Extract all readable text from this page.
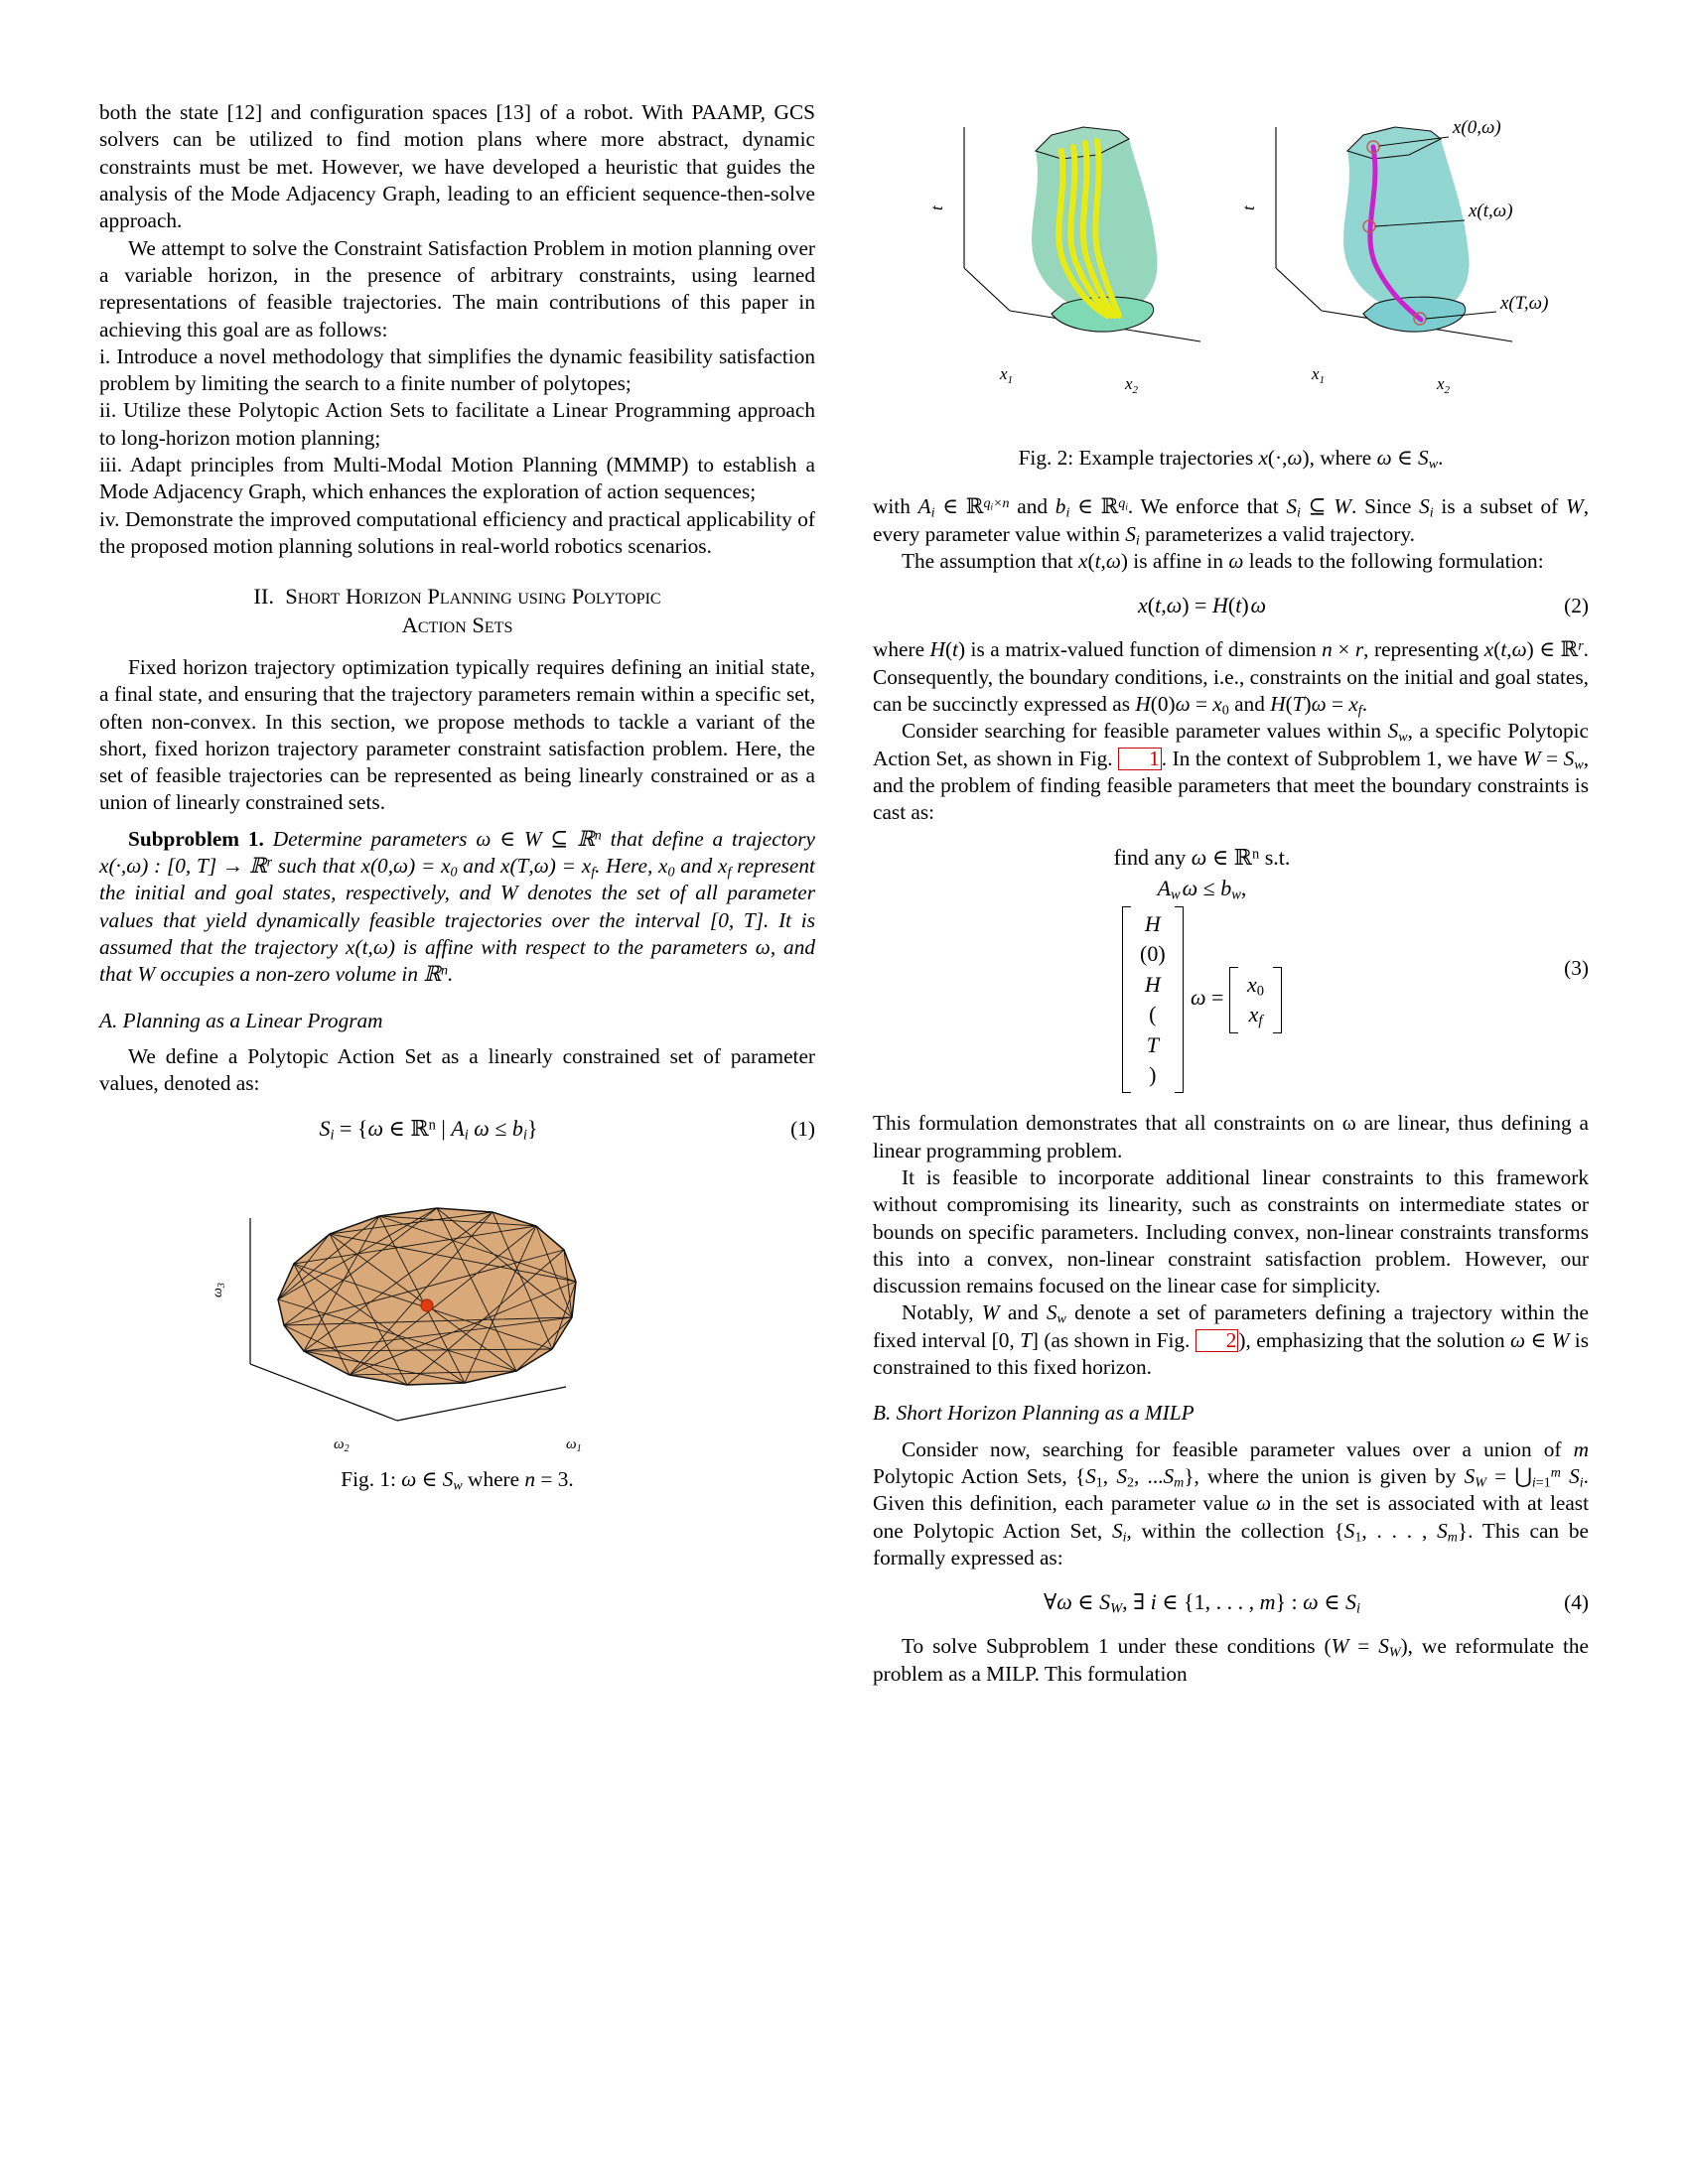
both the state [12] and configuration spaces [13] of a robot. With PAAMP, GCS solvers can be utilized to find motion plans where more abstract, dynamic constraints must be met. However, we have developed a heuristic that guides the analysis of the Mode Adjacency Graph, leading to an efficient sequence-then-solve approach.

We attempt to solve the Constraint Satisfaction Problem in motion planning over a variable horizon, in the presence of arbitrary constraints, using learned representations of feasible trajectories. The main contributions of this paper in achieving this goal are as follows:

i. Introduce a novel methodology that simplifies the dynamic feasibility satisfaction problem by limiting the search to a finite number of polytopes;

ii. Utilize these Polytopic Action Sets to facilitate a Linear Programming approach to long-horizon motion planning;

iii. Adapt principles from Multi-Modal Motion Planning (MMMP) to establish a Mode Adjacency Graph, which enhances the exploration of action sequences;

iv. Demonstrate the improved computational efficiency and practical applicability of the proposed motion planning solutions in real-world robotics scenarios.

II. Short Horizon Planning using Polytopic
Action Sets

Fixed horizon trajectory optimization typically requires defining an initial state, a final state, and ensuring that the trajectory parameters remain within a specific set, often non-convex. In this section, we propose methods to tackle a variant of the short, fixed horizon trajectory parameter constraint satisfaction problem. Here, the set of feasible trajectories can be represented as being linearly constrained or as a union of linearly constrained sets.

Subproblem 1. Determine parameters ω ∈ W ⊆ ℝ$^n$ that define a trajectory x(·,ω) : [0, T] → ℝ$^r$ such that $x(0,\omega) = x_0$ and $x(T,\omega) = x_f$. Here, $x_0$ and $x_f$ represent the initial and goal states, respectively, and W denotes the set of all parameter values that yield dynamically feasible trajectories over the interval [0, T]. It is assumed that the trajectory x(t,ω) is affine with respect to the parameters ω, and that W occupies a non-zero volume in ℝ$^n$.

A. Planning as a Linear Program

We define a Polytopic Action Set as a linearly constrained set of parameter values, denoted as:

$S_i = \{\omega$ ∈ ℝ$^n$ | $A_i$ $\omega \le b_i$}	(1)
$\omega_3$
$\omega_2$	$\omega_1$

Fig. 1: ω ∈ $S_w$ where n = 3.

t
$x_1$	$x_2$
t
x(0,ω)
x(t,ω)
x(T,ω)
$x_1$	$x_2$

Fig. 2: Example trajectories x(·,ω), where ω ∈ $S_w$.

with $A_i$ ∈ ℝ$^{q_i\times n}$ and $b_i$ ∈ ℝ$^{q_i}$. We enforce that $S_i$ ⊆ W. Since $S_i$ is a subset of W, every parameter value within $S_i$ parameterizes a valid trajectory.

The assumption that x(t,ω) is affine in ω leads to the following formulation:

x(t,ω) = H(t) ω	(2)

where H(t) is a matrix-valued function of dimension n × r, representing x(t,ω) ∈ ℝ$^r$. Consequently, the boundary conditions, i.e., constraints on the initial and goal states, can be succinctly expressed as $H(0)\omega = x_0$ and $H(T)\omega = x_f$.

Consider searching for feasible parameter values within $S_w$, a specific Polytopic Action Set, as shown in Fig. 1. In the context of Subproblem 1, we have $W = S_w$, and the problem of finding feasible parameters that meet the boundary constraints is cast as:

find any ω ∈ ℝ$^n$ s.t.
$A_w$ $\omega \le b_w$,
H
(0)
H
(
T
)
 ω =
$x_0$
$x_f$
(3)

This formulation demonstrates that all constraints on ω are linear, thus defining a linear programming problem.

It is feasible to incorporate additional linear constraints to this framework without compromising its linearity, such as constraints on intermediate states or bounds on specific parameters. Including convex, non-linear constraints transforms this into a convex, non-linear constraint satisfaction problem. However, our discussion remains focused on the linear case for simplicity.

Notably, W and $S_w$ denote a set of parameters defining a trajectory within the fixed interval [0, T] (as shown in Fig. 2), emphasizing that the solution ω ∈ W is constrained to this fixed horizon.

B. Short Horizon Planning as a MILP

Consider now, searching for feasible parameter values over a union of m Polytopic Action Sets, {$S_1$, $S_2$, $...S_m$}, where the union is given by $S_W$ = $⋃_{i=1}^m$ $S_i$. Given this definition, each parameter value ω in the set is associated with at least one Polytopic Action Set, $S_i$, within the collection {$S_1$, . . . , $S_m$}. This can be formally expressed as:

∀ω ∈ $S_W$, ∃ i ∈ {1, . . . , m} : ω ∈ $S_i$	(4)

To solve Subproblem 1 under these conditions $(W = S_W)$, we reformulate the problem as a MILP. This formulation
